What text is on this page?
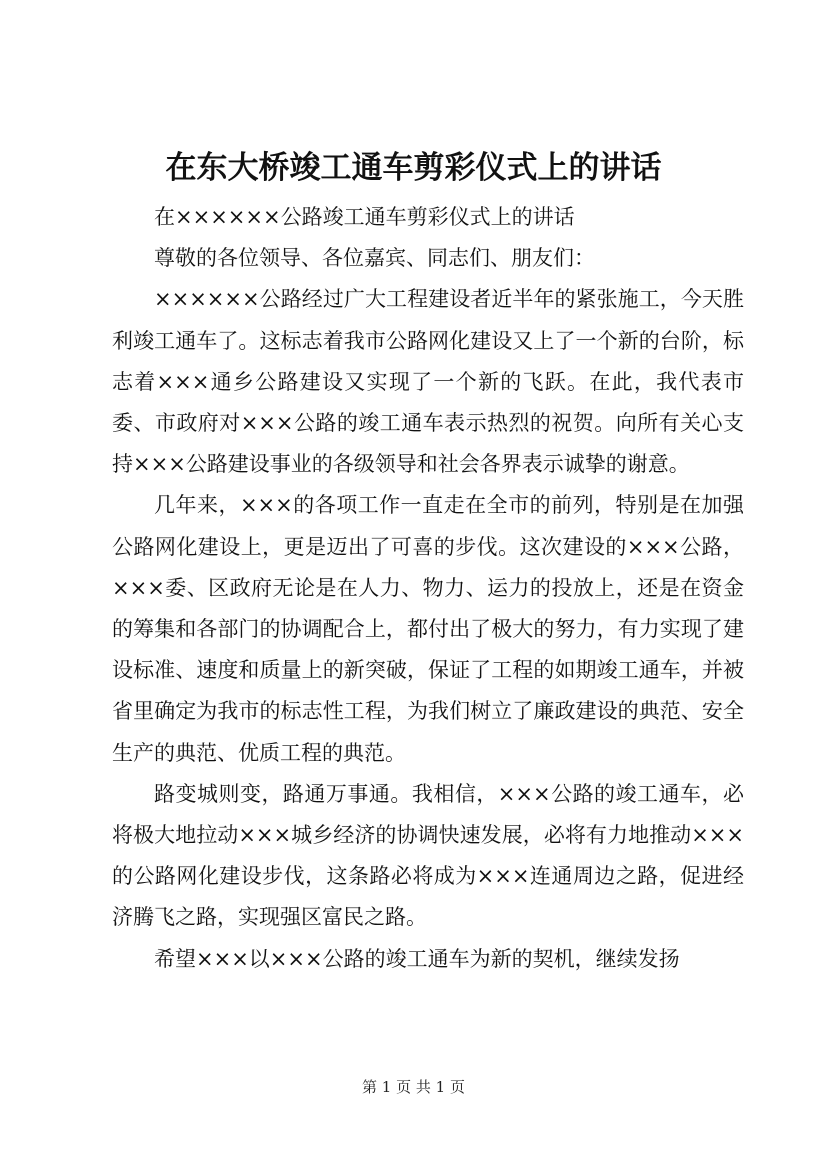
在东大桥竣工通车剪彩仪式上的讲话

在××××××公路竣工通车剪彩仪式上的讲话

尊敬的各位领导、各位嘉宾、同志们、朋友们：

××××××公路经过广大工程建设者近半年的紧张施工，今天胜利竣工通车了。这标志着我市公路网化建设又上了一个新的台阶，标志着×××通乡公路建设又实现了一个新的飞跃。在此，我代表市委、市政府对×××公路的竣工通车表示热烈的祝贺。向所有关心支持×××公路建设事业的各级领导和社会各界表示诚挚的谢意。

几年来，×××的各项工作一直走在全市的前列，特别是在加强公路网化建设上，更是迈出了可喜的步伐。这次建设的×××公路，×××委、区政府无论是在人力、物力、运力的投放上，还是在资金的筹集和各部门的协调配合上，都付出了极大的努力，有力实现了建设标准、速度和质量上的新突破，保证了工程的如期竣工通车，并被省里确定为我市的标志性工程，为我们树立了廉政建设的典范、安全生产的典范、优质工程的典范。

路变城则变，路通万事通。我相信，×××公路的竣工通车，必将极大地拉动×××城乡经济的协调快速发展，必将有力地推动×××的公路网化建设步伐，这条路必将成为×××连通周边之路，促进经济腾飞之路，实现强区富民之路。

希望×××以×××公路的竣工通车为新的契机，继续发扬

第 1 页 共 1 页
